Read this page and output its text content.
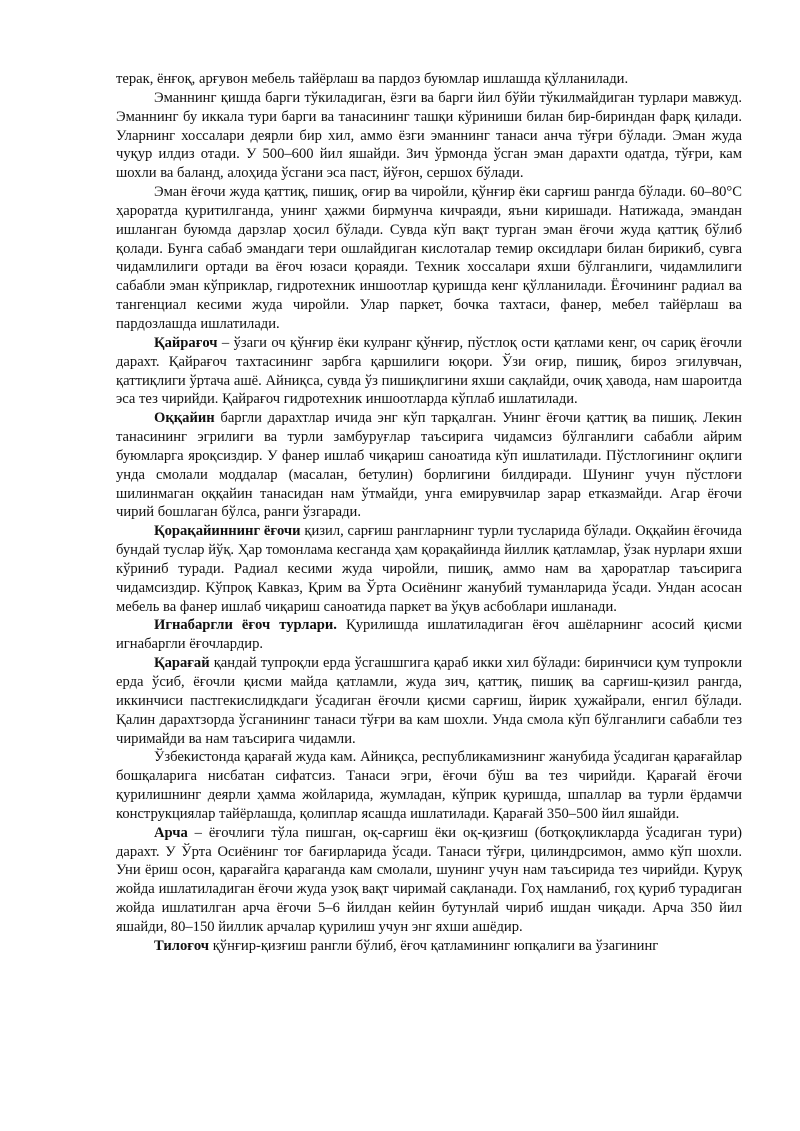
терак, ёнғоқ, арғувон мебель тайёрлаш ва пардоз буюмлар ишлашда қўлланилади.

Эманнинг қишда барги тўкиладиган, ёзги ва барги йил бўйи тўкилмайдиган турлари мавжуд. Эманнинг бу иккала тури барги ва танасининг ташқи кўриниши билан бир-бириндан фарқ қилади. Уларнинг хоссалари деярли бир хил, аммо ёзги эманнинг танаси анча тўғри бўлади. Эман жуда чуқур илдиз отади. У 500–600 йил яшайди. Зич ўрмонда ўсган эман дарахти одатда, тўғри, кам шохли ва баланд, алоҳида ўсгани эса паст, йўғон, сершох бўлади.

Эман ёғочи жуда қаттиқ, пишиқ, оғир ва чиройли, қўнғир ёки сарғиш рангда бўлади. 60–80°С ҳароратда қуритилганда, унинг ҳажми бирмунча кичраяди, яъни киришади. Натижада, эмандан ишланган буюмда дарзлар ҳосил бўлади. Сувда кўп вақт турган эман ёғочи жуда қаттиқ бўлиб қолади. Бунга сабаб эмандаги тери ошлайдиган кислоталар темир оксидлари билан бирикиб, сувга чидамлилиги ортади ва ёғоч юзаси қораяди. Техник хоссалари яхши бўлганлиги, чидамлилиги сабабли эман кўприклар, гидротехник иншоотлар қуришда кенг қўлланилади. Ёғочининг радиал ва тангенциал кесими жуда чиройли. Улар паркет, бочка тахтаси, фанер, мебел тайёрлаш ва пардозлашда ишлатилади.

Қайрағоч – ўзаги оч қўнғир ёки кулранг қўнғир, пўстлоқ ости қатлами кенг, оч сариқ ёғочли дарахт. Қайрағоч тахтасининг зарбга қаршилиги юқори. Ўзи оғир, пишиқ, бироз эгилувчан, қаттиқлиги ўртача ашё. Айниқса, сувда ўз пишиқлигини яхши сақлайди, очиқ ҳавода, нам шароитда эса тез чирийди. Қайрағоч гидротехник иншоотларда кўплаб ишлатилади.

Оққайин баргли дарахтлар ичида энг кўп тарқалган. Унинг ёғочи қаттиқ ва пишиқ. Лекин танасининг эгрилиги ва турли замбуруғлар таъсирига чидамсиз бўлганлиги сабабли айрим буюмларга яроқсиздир. У фанер ишлаб чиқариш саноатида кўп ишлатилади. Пўстлогининг оқлиги унда смолали моддалар (масалан, бетулин) борлигини билдиради. Шунинг учун пўстлоғи шилинмаган оққайин танасидан нам ўтмайди, унга емирувчилар зарар етказмайди. Агар ёғочи чирий бошлаган бўлса, ранги ўзгаради.

Қорақайиннинг ёғочи қизил, сарғиш рангларнинг турли тусларида бўлади. Оққайин ёғочида бундай туслар йўқ. Ҳар томонлама кесганда ҳам қорақайинда йиллик қатламлар, ўзак нурлари яхши кўриниб туради. Радиал кесими жуда чиройли, пишиқ, аммо нам ва ҳароратлар таъсирига чидамсиздир. Кўпроқ Кавказ, Қрим ва Ўрта Осиёнинг жанубий туманларида ўсади. Ундан асосан мебель ва фанер ишлаб чиқариш саноатида паркет ва ўқув асбоблари ишланади.

Игнабаргли ёғоч турлари. Қурилишда ишлатиладиган ёғоч ашёларнинг асосий қисми игнабаргли ёғочлардир.

Қарағай қандай тупроқли ерда ўсгашшгига қараб икки хил бўлади: биринчиси қум тупрокли ерда ўсиб, ёғочли қисми майда қатламли, жуда зич, қаттиқ, пишиқ ва сарғиш-қизил рангда, иккинчиси пастгекислидкдаги ўсадиган ёғочли қисми сарғиш, йирик ҳужайрали, енгил бўлади. Қалин дарахтзорда ўсганининг танаси тўғри ва кам шохли. Унда смола кўп бўлганлиги сабабли тез чиримайди ва нам таъсирига чидамли.

Ўзбекистонда қарағай жуда кам. Айниқса, республикамизнинг жанубида ўсадиган қарағайлар бошқаларига нисбатан сифатсиз. Танаси эгри, ёғочи бўш ва тез чирийди. Қарағай ёғочи қурилишнинг деярли ҳамма жойларида, жумладан, кўприк қуришда, шпаллар ва турли ёрдамчи конструкциялар тайёрлашда, қолиплар ясашда ишлатилади. Қарағай 350–500 йил яшайди.

Арча – ёғочлиги тўла пишган, оқ-сарғиш ёки оқ-қизғиш (ботқоқликларда ўсадиган тури) дарахт. У Ўрта Осиёнинг тоғ бағирларида ўсади. Танаси тўғри, цилиндрсимон, аммо кўп шохли. Уни ёриш осон, қарағайга қараганда кам смолали, шунинг учун нам таъсирида тез чирийди. Қуруқ жойда ишлатиладиган ёғочи жуда узоқ вақт чиримай сақланади. Гоҳ намланиб, гоҳ қуриб турадиган жойда ишлатилган арча ёғочи 5–6 йилдан кейин бутунлай чириб ишдан чиқади. Арча 350 йил яшайди, 80–150 йиллик арчалар қурилиш учун энг яхши ашёдир.

Тилоғоч қўнғир-қизғиш рангли бўлиб, ёғоч қатламининг юпқалиги ва ўзагининг
